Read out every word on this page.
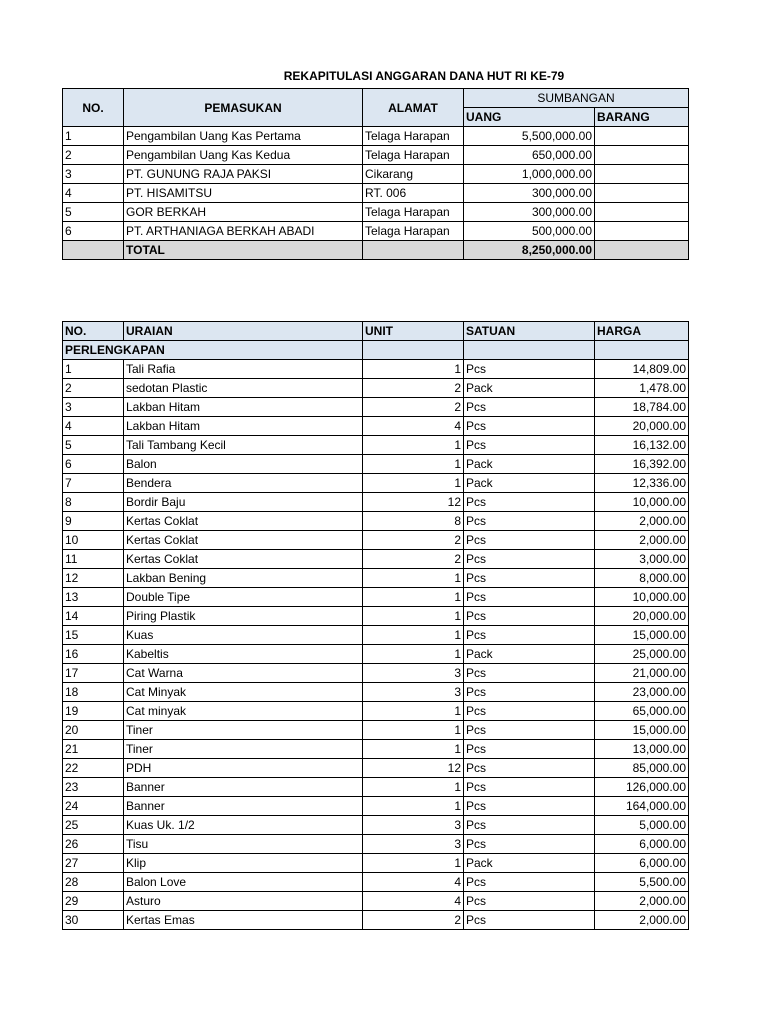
REKAPITULASI ANGGARAN DANA HUT RI KE-79
NO.	PEMASUKAN	ALAMAT	SUMBANGAN	
			UANG	BARANG
1	Pengambilan Uang Kas Pertama	Telaga Harapan	5,500,000.00	
2	Pengambilan Uang Kas Kedua	Telaga Harapan	650,000.00	
3	PT. GUNUNG RAJA PAKSI	Cikarang	1,000,000.00	
4	PT. HISAMITSU	RT. 006	300,000.00	
5	GOR BERKAH	Telaga Harapan	300,000.00	
6	PT. ARTHANIAGA BERKAH ABADI	Telaga Harapan	500,000.00	
	TOTAL		8,250,000.00	
NO.	URAIAN	UNIT	SATUAN	HARGA
PERLENGKAPAN				
1	Tali Rafia	1	Pcs	14,809.00
2	sedotan Plastic	2	Pack	1,478.00
3	Lakban Hitam	2	Pcs	18,784.00
4	Lakban Hitam	4	Pcs	20,000.00
5	Tali Tambang Kecil	1	Pcs	16,132.00
6	Balon	1	Pack	16,392.00
7	Bendera	1	Pack	12,336.00
8	Bordir Baju	12	Pcs	10,000.00
9	Kertas Coklat	8	Pcs	2,000.00
10	Kertas Coklat	2	Pcs	2,000.00
11	Kertas Coklat	2	Pcs	3,000.00
12	Lakban Bening	1	Pcs	8,000.00
13	Double Tipe	1	Pcs	10,000.00
14	Piring Plastik	1	Pcs	20,000.00
15	Kuas	1	Pcs	15,000.00
16	Kabeltis	1	Pack	25,000.00
17	Cat Warna	3	Pcs	21,000.00
18	Cat Minyak	3	Pcs	23,000.00
19	Cat minyak	1	Pcs	65,000.00
20	Tiner	1	Pcs	15,000.00
21	Tiner	1	Pcs	13,000.00
22	PDH	12	Pcs	85,000.00
23	Banner	1	Pcs	126,000.00
24	Banner	1	Pcs	164,000.00
25	Kuas Uk. 1/2	3	Pcs	5,000.00
26	Tisu	3	Pcs	6,000.00
27	Klip	1	Pack	6,000.00
28	Balon Love	4	Pcs	5,500.00
29	Asturo	4	Pcs	2,000.00
30	Kertas Emas	2	Pcs	2,000.00
